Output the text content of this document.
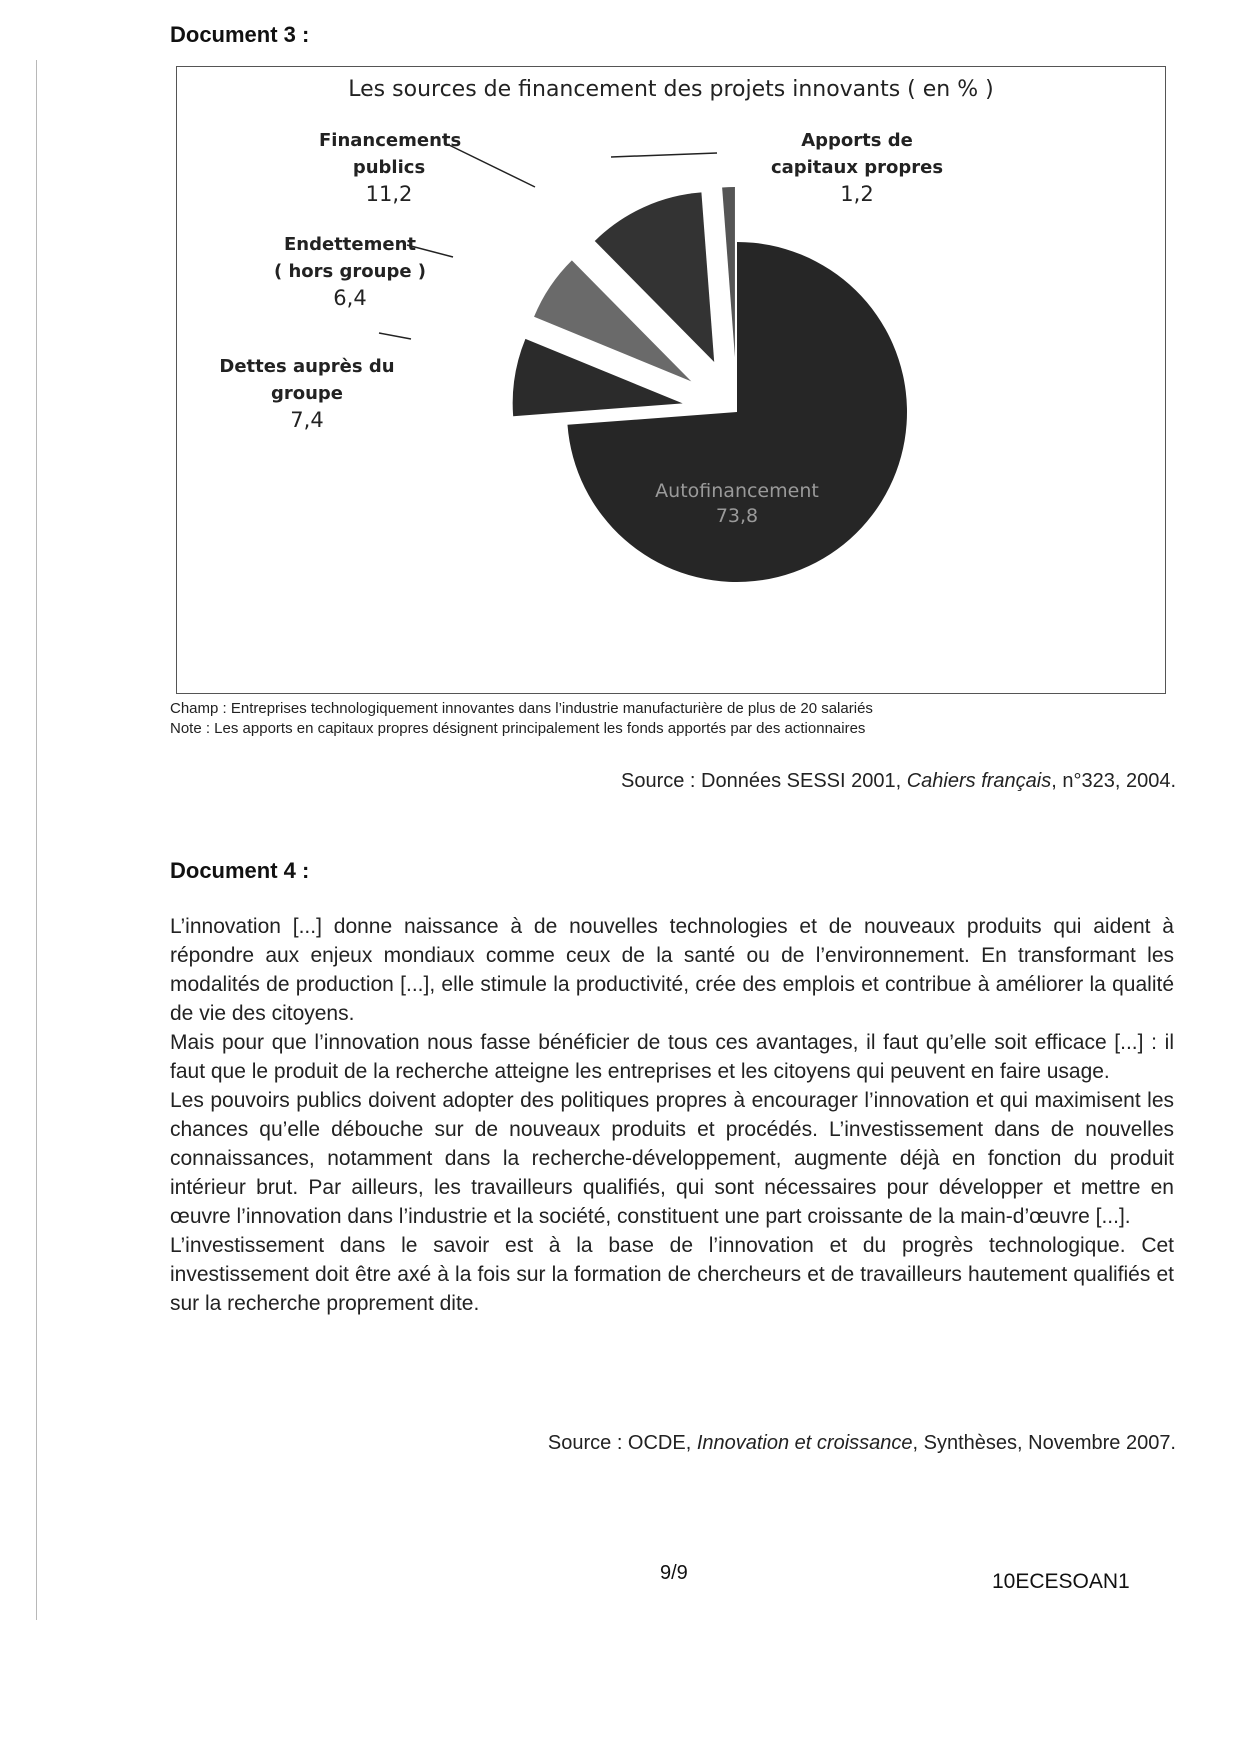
Document 3 :
Les sources de financement des projets innovants ( en % )
Autofinancement
73,8
Financements
publics
11,2
Apports de
capitaux propres
1,2
Endettement
( hors groupe )
6,4
Dettes auprès du
groupe
7,4
Champ : Entreprises technologiquement innovantes dans l’industrie manufacturière de plus de 20 salariés
Note : Les apports en capitaux propres désignent principalement les fonds apportés par des actionnaires
Source : Données SESSI 2001, Cahiers français, n°323, 2004.
Document 4 :

L’innovation [...] donne naissance à de nouvelles technologies et de nouveaux produits qui aident à répondre aux enjeux mondiaux comme ceux de la santé ou de l’environnement. En transformant les modalités de production [...], elle stimule la productivité, crée des emplois et contribue à améliorer la qualité de vie des citoyens.

Mais pour que l’innovation nous fasse bénéficier de tous ces avantages, il faut qu’elle soit efficace [...] : il faut que le produit de la recherche atteigne les entreprises et les citoyens qui peuvent en faire usage.

Les pouvoirs publics doivent adopter des politiques propres à encourager l’innovation et qui maximisent les chances qu’elle débouche sur de nouveaux produits et procédés. L’investissement dans de nouvelles connaissances, notamment dans la recherche-développement, augmente déjà en fonction du produit intérieur brut. Par ailleurs, les travailleurs qualifiés, qui sont nécessaires pour développer et mettre en œuvre l’innovation dans l’industrie et la société, constituent une part croissante de la main-d’œuvre [...].

L’investissement dans le savoir est à la base de l’innovation et du progrès technologique. Cet investissement doit être axé à la fois sur la formation de chercheurs et de travailleurs hautement qualifiés et sur la recherche proprement dite.

Source : OCDE, Innovation et croissance, Synthèses, Novembre 2007.
9/9	10ECESOAN1
